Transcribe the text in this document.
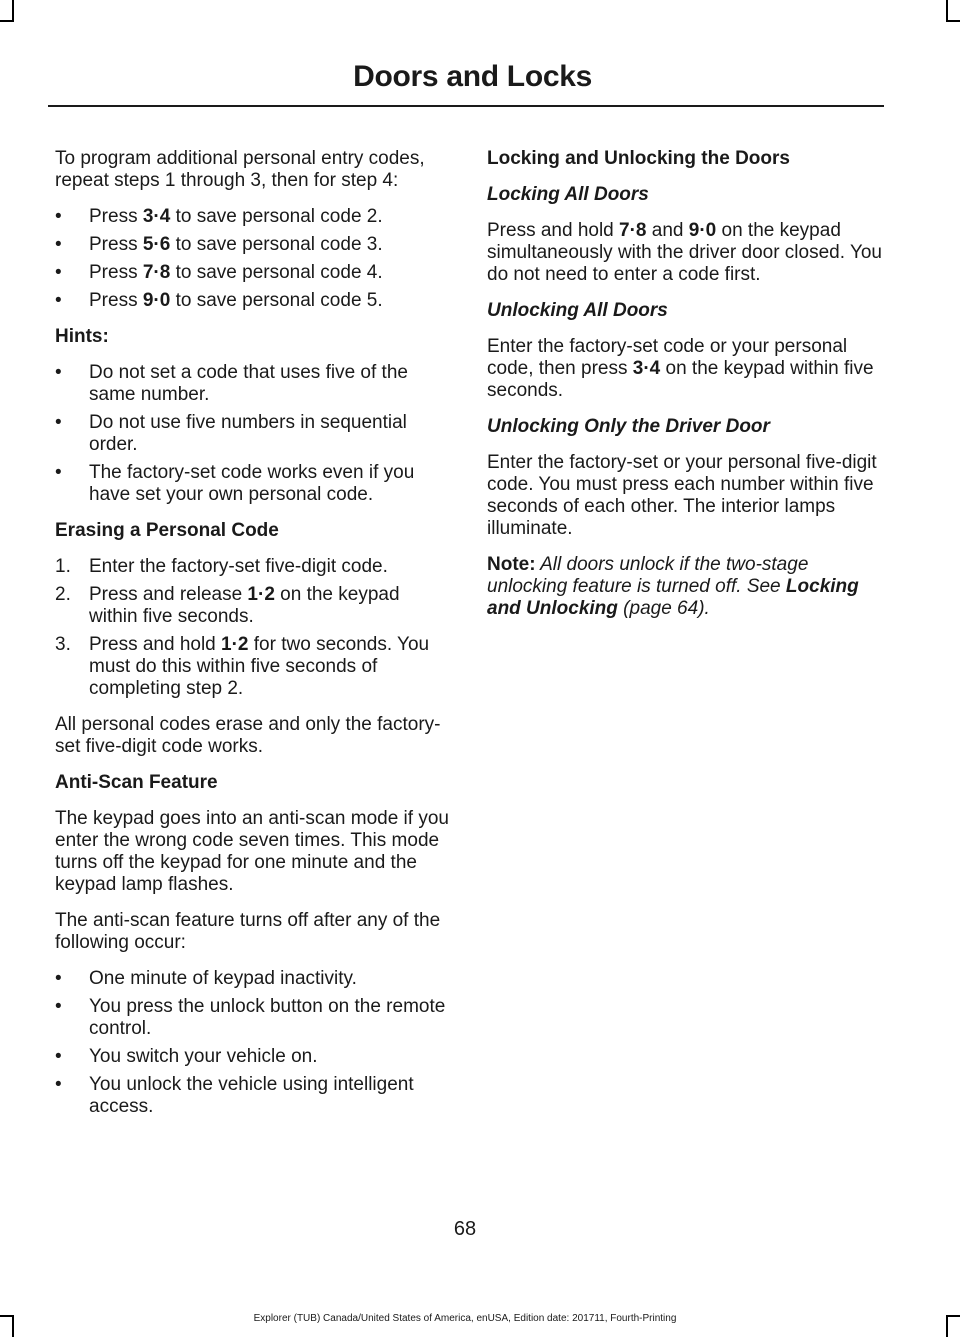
Doors and Locks

To program additional personal entry codes, repeat steps 1 through 3, then for step 4:

• Press 3·4 to save personal code 2.
• Press 5·6 to save personal code 3.
• Press 7·8 to save personal code 4.
• Press 9·0 to save personal code 5.
Hints:
• Do not set a code that uses five of the same number.
• Do not use five numbers in sequential order.
• The factory-set code works even if you have set your own personal code.
Erasing a Personal Code
1. Enter the factory-set five-digit code.
2. Press and release 1·2 on the keypad within five seconds.
3. Press and hold 1·2 for two seconds. You must do this within five seconds of completing step 2.

All personal codes erase and only the factory-set five-digit code works.

Anti-Scan Feature

The keypad goes into an anti-scan mode if you enter the wrong code seven times. This mode turns off the keypad for one minute and the keypad lamp flashes.

The anti-scan feature turns off after any of the following occur:

• One minute of keypad inactivity.
• You press the unlock button on the remote control.
• You switch your vehicle on.
• You unlock the vehicle using intelligent access.
Locking and Unlocking the Doors
Locking All Doors

Press and hold 7·8 and 9·0 on the keypad simultaneously with the driver door closed. You do not need to enter a code first.

Unlocking All Doors

Enter the factory-set code or your personal code, then press 3·4 on the keypad within five seconds.

Unlocking Only the Driver Door

Enter the factory-set or your personal five-digit code. You must press each number within five seconds of each other. The interior lamps illuminate.

Note: All doors unlock if the two-stage unlocking feature is turned off. See Locking and Unlocking (page 64).

68
Explorer (TUB) Canada/United States of America, enUSA, Edition date: 201711, Fourth-Printing
